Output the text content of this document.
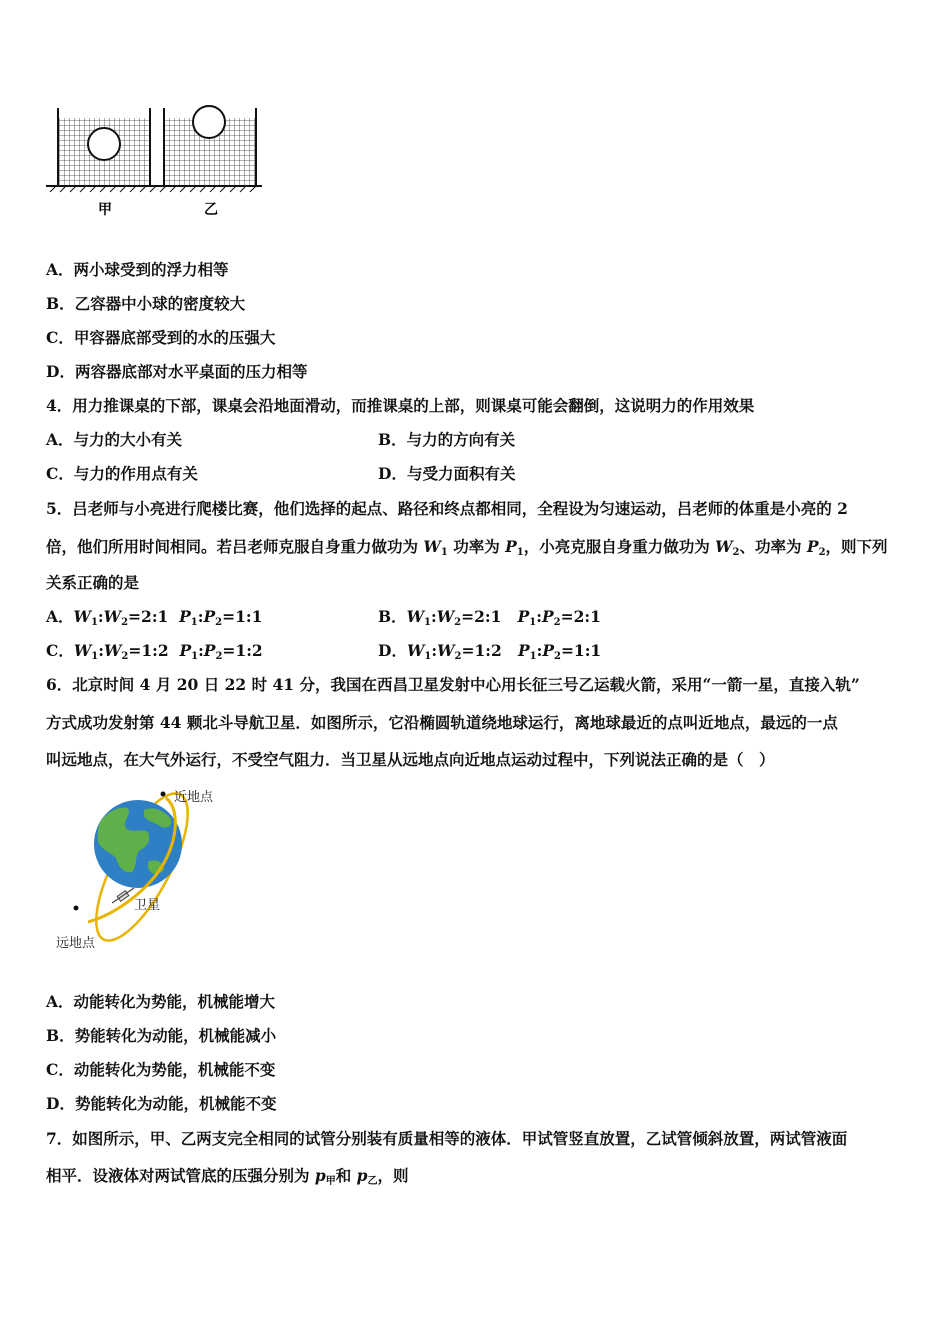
甲	乙
A．两小球受到的浮力相等
B．乙容器中小球的密度较大
C．甲容器底部受到的水的压强大
D．两容器底部对水平桌面的压力相等
4．用力推课桌的下部，课桌会沿地面滑动，而推课桌的上部，则课桌可能会翻倒，这说明力的作用效果
A．与力的大小有关	B．与力的方向有关
C．与力的作用点有关	D．与受力面积有关
5．吕老师与小亮进行爬楼比赛，他们选择的起点、路径和终点都相同，全程设为匀速运动，吕老师的体重是小亮的 2
倍，他们所用时间相同。若吕老师克服自身重力做功为 $W_1$ 功率为 $P_1$，小亮克服自身重力做功为 $W_2$、功率为 $P_2$，则下列
关系正确的是
A．$W_1:W_2=2:1$ $P_1:P_2=1:1$	B．$W_1:W_2=2:1$ $P_1:P_2=2:1$
C．$W_1:W_2=1:2$ $P_1:P_2=1:2$	D．$W_1:W_2=1:2$ $P_1:P_2=1:1$
6．北京时间 4 月 20 日 22 时 41 分，我国在西昌卫星发射中心用长征三号乙运载火箭，采用“一箭一星，直接入轨”
方式成功发射第 44 颗北斗导航卫星．如图所示，它沿椭圆轨道绕地球运行，离地球最近的点叫近地点，最远的一点
叫远地点，在大气外运行，不受空气阻力．当卫星从远地点向近地点运动过程中，下列说法正确的是（　）
近地点
卫星
远地点
A．动能转化为势能，机械能增大
B．势能转化为动能，机械能减小
C．动能转化为势能，机械能不变
D．势能转化为动能，机械能不变
7．如图所示，甲、乙两支完全相同的试管分别装有质量相等的液体．甲试管竖直放置，乙试管倾斜放置，两试管液面
相平．设液体对两试管底的压强分别为 $p_甲$和 $p_乙$，则
